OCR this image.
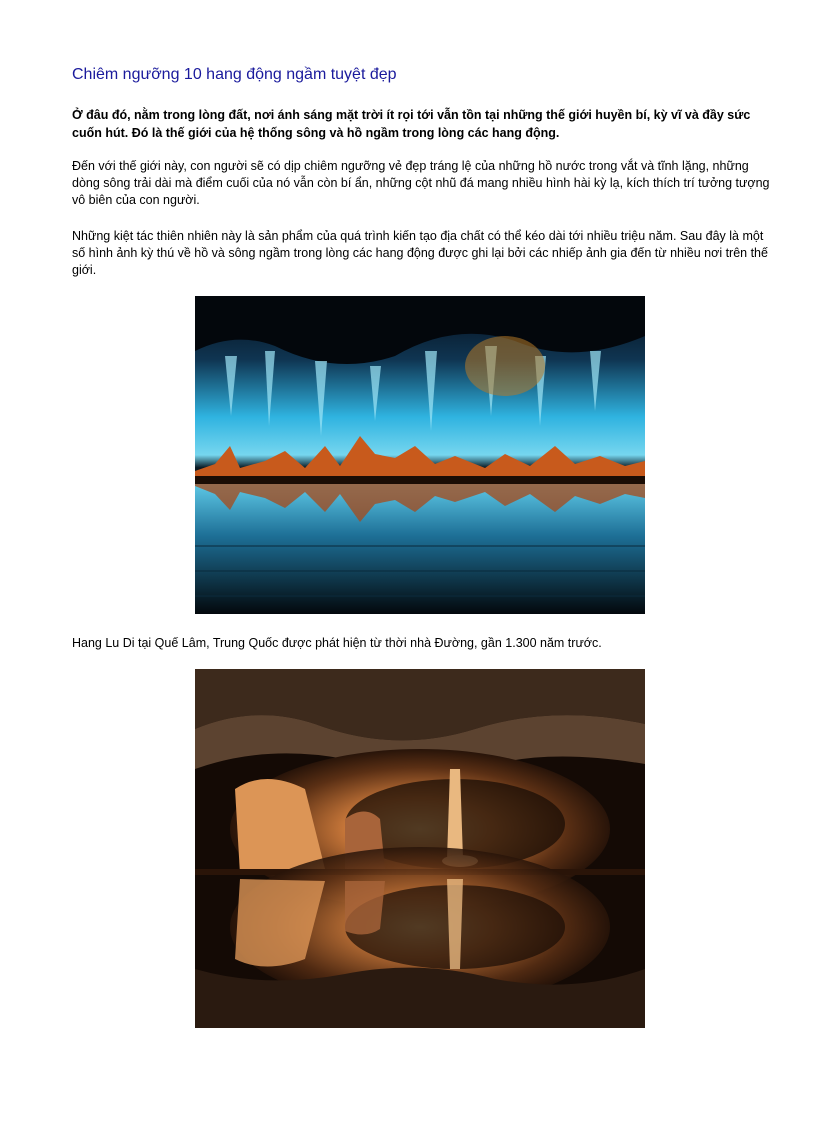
Chiêm ngưỡng 10 hang động ngầm tuyệt đẹp
Ở đâu đó, nằm trong lòng đất, nơi ánh sáng mặt trời ít rọi tới vẫn tồn tại những thế giới huyền bí, kỳ vĩ và đầy sức cuốn hút. Đó là thế giới của hệ thống sông và hồ ngầm trong lòng các hang động.
Đến với thế giới này, con người sẽ có dịp chiêm ngưỡng vẻ đẹp tráng lệ của những hồ nước trong vắt và tĩnh lặng, những dòng sông trải dài mà điểm cuối của nó vẫn còn bí ẩn, những cột nhũ đá mang nhiều hình hài kỳ lạ, kích thích trí tưởng tượng vô biên của con người.
Những kiệt tác thiên nhiên này là sản phẩm của quá trình kiến tạo địa chất có thể kéo dài tới nhiều triệu năm. Sau đây là một số hình ảnh kỳ thú về hồ và sông ngầm trong lòng các hang động được ghi lại bởi các nhiếp ảnh gia đến từ nhiều nơi trên thế giới.
Hang Lu Di tại Quế Lâm, Trung Quốc được phát hiện từ thời nhà Đường, gần 1.300 năm trước.
